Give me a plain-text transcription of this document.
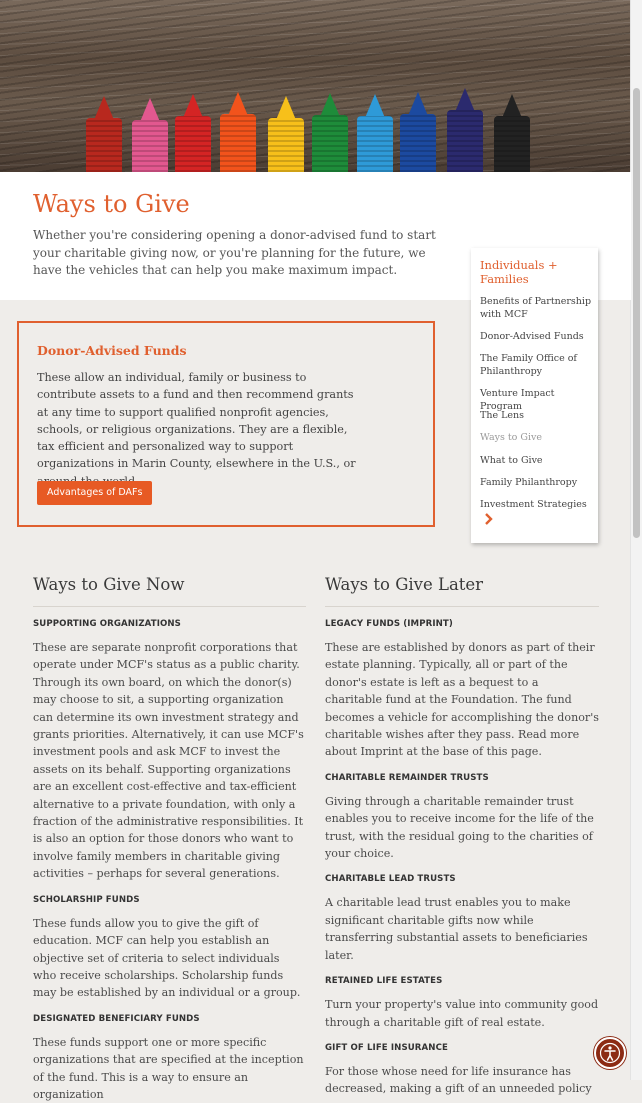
Ways to Give

Whether you're considering opening a donor-advised fund to start your charitable giving now, or you're planning for the future, we have the vehicles that can help you make maximum impact.

Donor-Advised Funds

These allow an individual, family or business to contribute assets to a fund and then recommend grants at any time to support qualified nonprofit agencies, schools, or religious organizations. They are a flexible, tax efficient and personalized way to support organizations in Marin County, elsewhere in the U.S., or

Advantages of DAFs
Individuals + Families
Benefits of Partnership with MCF
Donor-Advised Funds
The Family Office of Philanthropy
Venture Impact Program
The Lens
Ways to Give
What to Give
Family Philanthropy
Investment Strategies
Ways to Give Now
SUPPORTING ORGANIZATIONS

These are separate nonprofit corporations that operate under MCF's status as a public charity. Through its own board, on which the donor(s) may choose to sit, a supporting organization can determine its own investment strategy and grants priorities. Alternatively, it can use MCF's investment pools and ask MCF to invest the assets on its behalf. Supporting organizations are an excellent cost-effective and tax-efficient alternative to a private foundation, with only a fraction of the administrative responsibilities. It is also an option for those donors who want to involve family members in charitable giving activities – perhaps for several generations.

SCHOLARSHIP FUNDS

These funds allow you to give the gift of education. MCF can help you establish an objective set of criteria to select individuals who receive scholarships. Scholarship funds may be established by an individual or a group.

DESIGNATED BENEFICIARY FUNDS

These funds support one or more specific organizations that are specified at the inception of the fund. This is a way to ensure an organization

Ways to Give Later
LEGACY FUNDS (IMPRINT)

These are established by donors as part of their estate planning. Typically, all or part of the donor's estate is left as a bequest to a charitable fund at the Foundation. The fund becomes a vehicle for accomplishing the donor's charitable wishes after they pass. Read more about Imprint at the base of this page.

CHARITABLE REMAINDER TRUSTS

Giving through a charitable remainder trust enables you to receive income for the life of the trust, with the residual going to the charities of your choice.

CHARITABLE LEAD TRUSTS

A charitable lead trust enables you to make significant charitable gifts now while transferring substantial assets to beneficiaries later.

RETAINED LIFE ESTATES

Turn your property's value into community good through a charitable gift of real estate.

GIFT OF LIFE INSURANCE

For those whose need for life insurance has decreased, making a gift of an unneeded policy
